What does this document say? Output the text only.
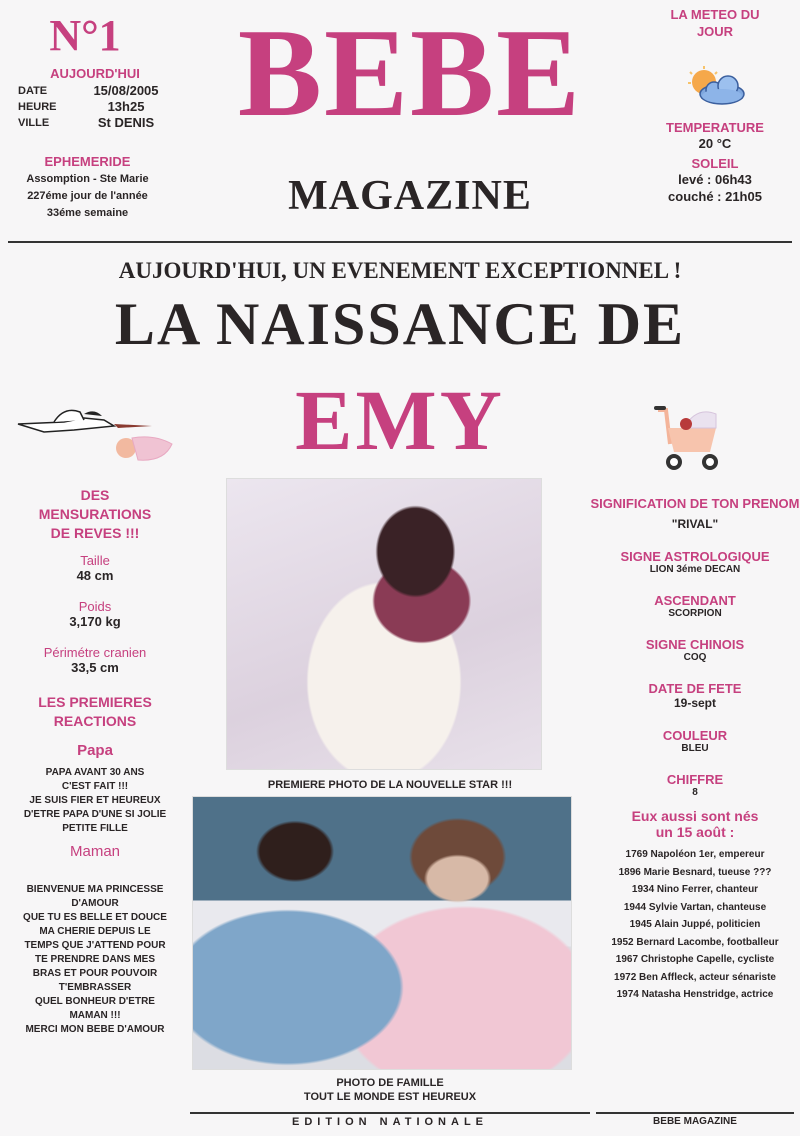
N°1
AUJOURD'HUI
DATE	15/08/2005
HEURE	13h25
VILLE	St DENIS
EPHEMERIDE
Assomption - Ste Marie
227éme jour de l'année
33éme semaine
BEBE
MAGAZINE
LA METEO DU
JOUR
TEMPERATURE
20 °C
SOLEIL
levé : 06h43
couché : 21h05
AUJOURD'HUI, UN EVENEMENT EXCEPTIONNEL !
LA NAISSANCE DE
EMY
DES
MENSURATIONS
DE REVES !!!
Taille
48 cm
Poids
3,170 kg
Périmétre cranien
33,5 cm
LES PREMIERES
REACTIONS
Papa
PAPA AVANT 30 ANS
C'EST FAIT !!!
JE SUIS FIER ET HEUREUX
D'ETRE PAPA D'UNE SI JOLIE
PETITE FILLE
Maman
BIENVENUE MA PRINCESSE
D'AMOUR
QUE TU ES BELLE ET DOUCE
MA CHERIE DEPUIS LE
TEMPS QUE J'ATTEND POUR
TE PRENDRE DANS MES
BRAS ET POUR POUVOIR
T'EMBRASSER
QUEL BONHEUR D'ETRE
MAMAN !!!
MERCI MON BEBE D'AMOUR
PREMIERE PHOTO DE LA NOUVELLE STAR !!!
PHOTO DE FAMILLE
TOUT LE MONDE EST HEUREUX
SIGNIFICATION DE TON PRENOM
"RIVAL"
SIGNE ASTROLOGIQUE
LION 3éme DECAN
ASCENDANT
SCORPION
SIGNE CHINOIS
COQ
DATE DE FETE
19-sept
COULEUR
BLEU
CHIFFRE
8
Eux aussi sont nés
un 15 août :
1769 Napoléon 1er, empereur
1896 Marie Besnard, tueuse ???
1934 Nino Ferrer, chanteur
1944 Sylvie Vartan, chanteuse
1945 Alain Juppé, politicien
1952 Bernard Lacombe, footballeur
1967 Christophe Capelle, cycliste
1972 Ben Affleck, acteur sénariste
1974 Natasha Henstridge, actrice
EDITION NATIONALE	BEBE MAGAZINE
